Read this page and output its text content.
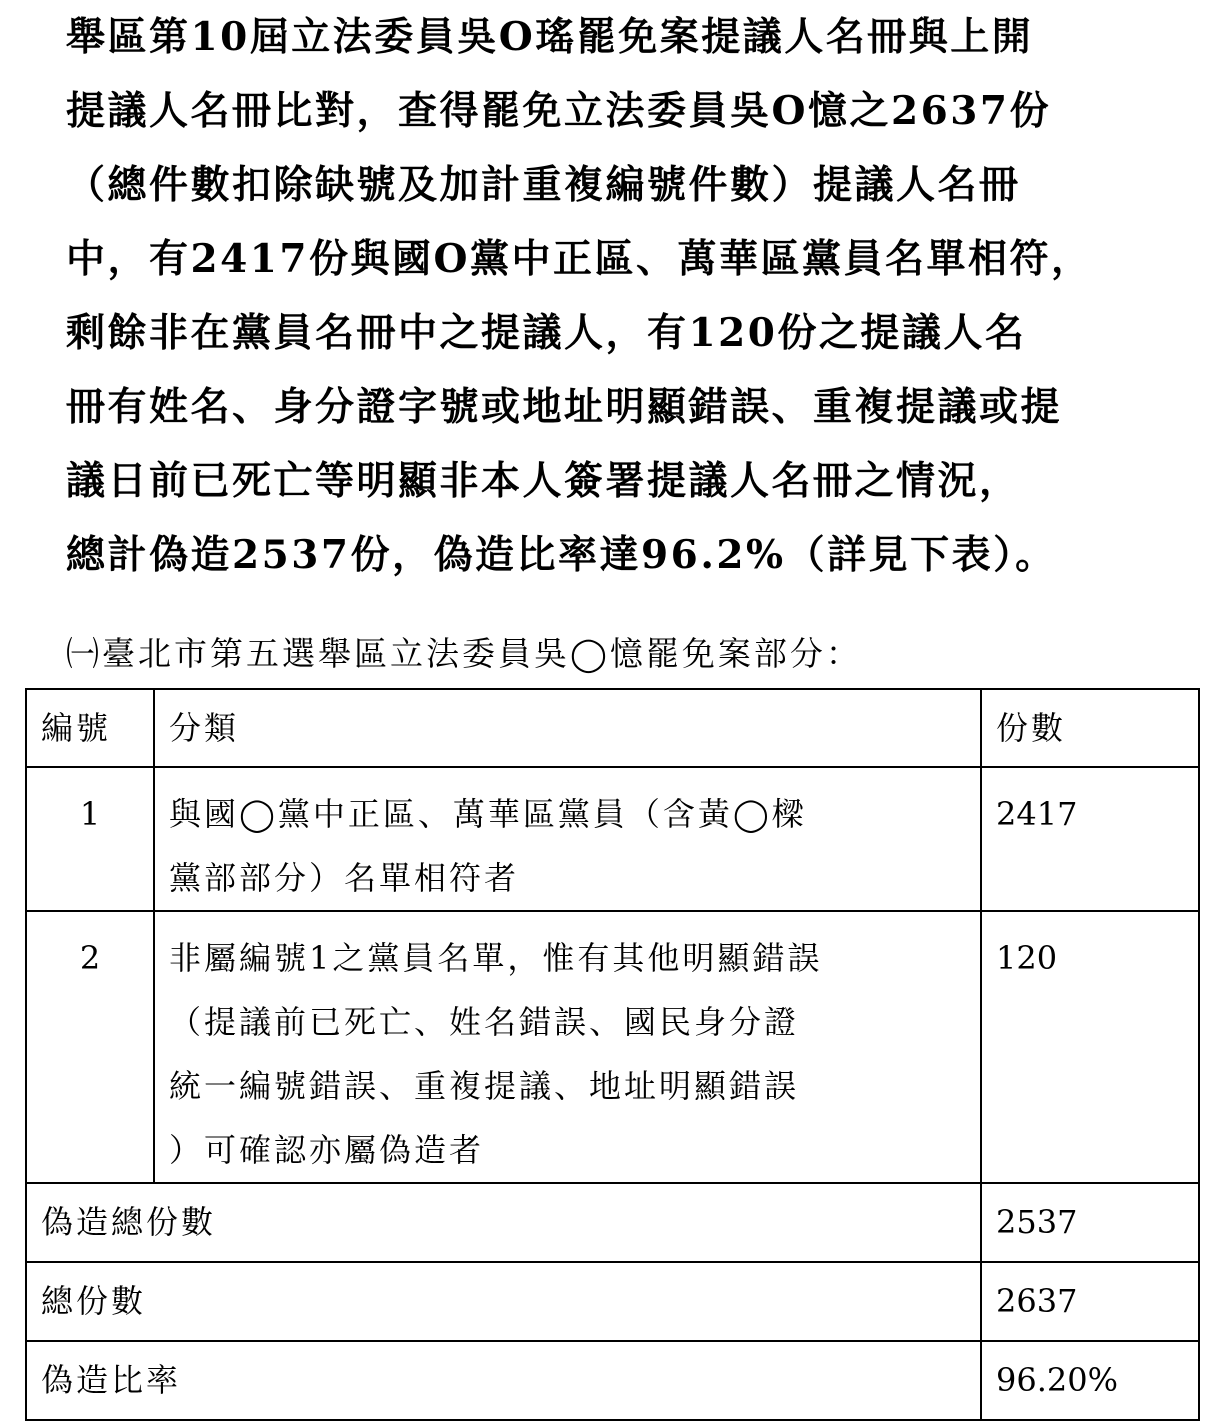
舉區第10屆立法委員吳O瑤罷免案提議人名冊與上開
提議人名冊比對，查得罷免立法委員吳O憶之2637份
（總件數扣除缺號及加計重複編號件數）提議人名冊
中，有2417份與國O黨中正區、萬華區黨員名單相符，
剩餘非在黨員名冊中之提議人，有120份之提議人名
冊有姓名、身分證字號或地址明顯錯誤、重複提議或提
議日前已死亡等明顯非本人簽署提議人名冊之情況，
總計偽造2537份，偽造比率達96.2%（詳見下表）。
㈠臺北市第五選舉區立法委員吳◯憶罷免案部分：
編號	分類	份數

1	與國◯黨中正區、萬華區黨員（含黃◯樑
黨部部分）名單相符者	2417

2	非屬編號1之黨員名單，惟有其他明顯錯誤
（提議前已死亡、姓名錯誤、國民身分證
統一編號錯誤、重複提議、地址明顯錯誤
）可確認亦屬偽造者	120

偽造總份數		2537

總份數		2637

偽造比率		96.20%
